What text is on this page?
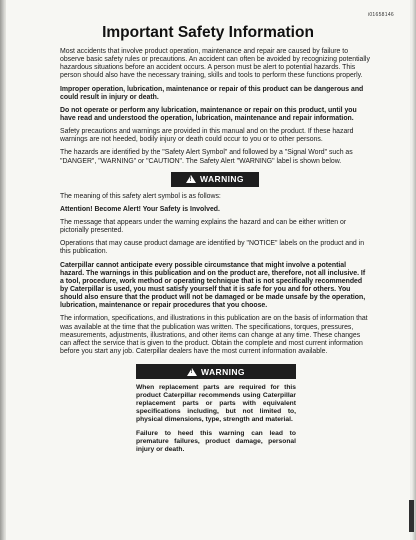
i01658146
Important Safety Information

Most accidents that involve product operation, maintenance and repair are caused by failure to observe basic safety rules or precautions. An accident can often be avoided by recognizing potentially hazardous situations before an accident occurs. A person must be alert to potential hazards. This person should also have the necessary training, skills and tools to perform these functions properly.

Improper operation, lubrication, maintenance or repair of this product can be dangerous and could result in injury or death.

Do not operate or perform any lubrication, maintenance or repair on this product, until you have read and understood the operation, lubrication, maintenance and repair information.

Safety precautions and warnings are provided in this manual and on the product. If these hazard warnings are not heeded, bodily injury or death could occur to you or to other persons.

The hazards are identified by the "Safety Alert Symbol" and followed by a "Signal Word" such as "DANGER", "WARNING" or "CAUTION". The Safety Alert "WARNING" label is shown below.

!
WARNING

The meaning of this safety alert symbol is as follows:

Attention! Become Alert! Your Safety is Involved.

The message that appears under the warning explains the hazard and can be either written or pictorially presented.

Operations that may cause product damage are identified by "NOTICE" labels on the product and in this publication.

Caterpillar cannot anticipate every possible circumstance that might involve a potential hazard. The warnings in this publication and on the product are, therefore, not all inclusive. If a tool, procedure, work method or operating technique that is not specifically recommended by Caterpillar is used, you must satisfy yourself that it is safe for you and for others. You should also ensure that the product will not be damaged or be made unsafe by the operation, lubrication, maintenance or repair procedures that you choose.

The information, specifications, and illustrations in this publication are on the basis of information that was available at the time that the publication was written. The specifications, torques, pressures, measurements, adjustments, illustrations, and other items can change at any time. These changes can affect the service that is given to the product. Obtain the complete and most current information before you start any job. Caterpillar dealers have the most current information available.

!
WARNING

When replacement parts are required for this product Caterpillar recommends using Caterpillar replacement parts or parts with equivalent specifications including, but not limited to, physical dimensions, type, strength and material.

Failure to heed this warning can lead to premature failures, product damage, personal injury or death.
